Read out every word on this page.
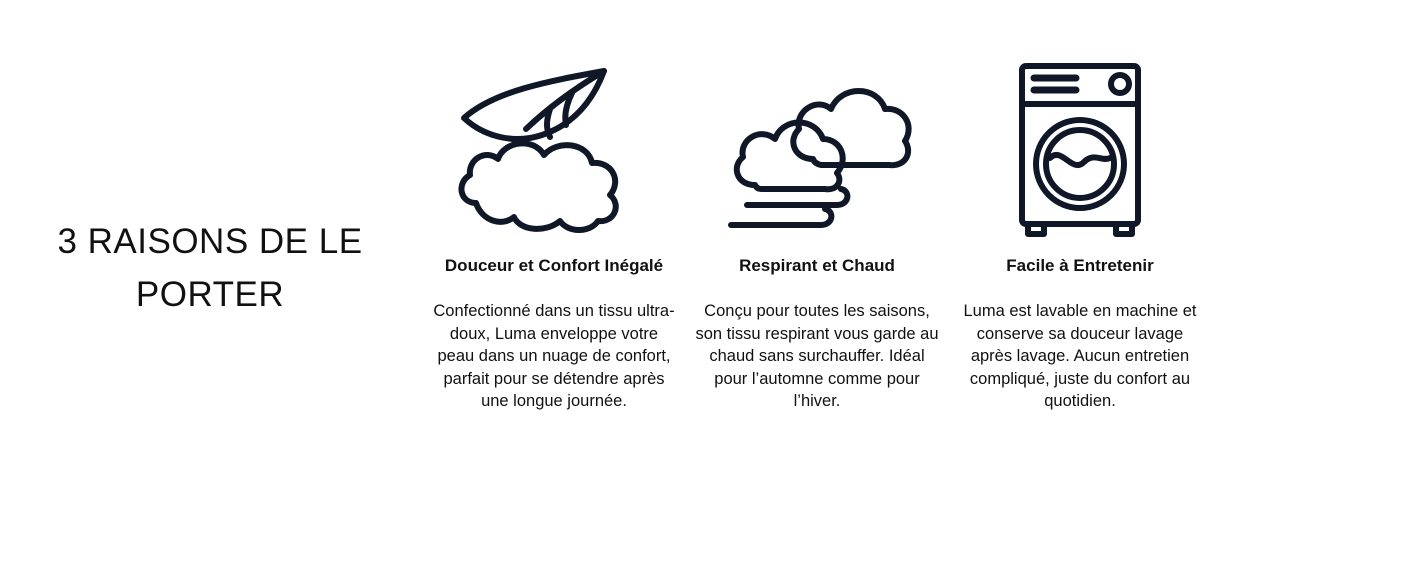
3 RAISONS DE LE PORTER
Douceur et Confort Inégalé
Confectionné dans un tissu ultra-doux, Luma enveloppe votre peau dans un nuage de confort, parfait pour se détendre après une longue journée.
Respirant et Chaud
Conçu pour toutes les saisons, son tissu respirant vous garde au chaud sans surchauffer. Idéal pour l’automne comme pour l’hiver.
Facile à Entretenir
Luma est lavable en machine et conserve sa douceur lavage après lavage. Aucun entretien compliqué, juste du confort au quotidien.
